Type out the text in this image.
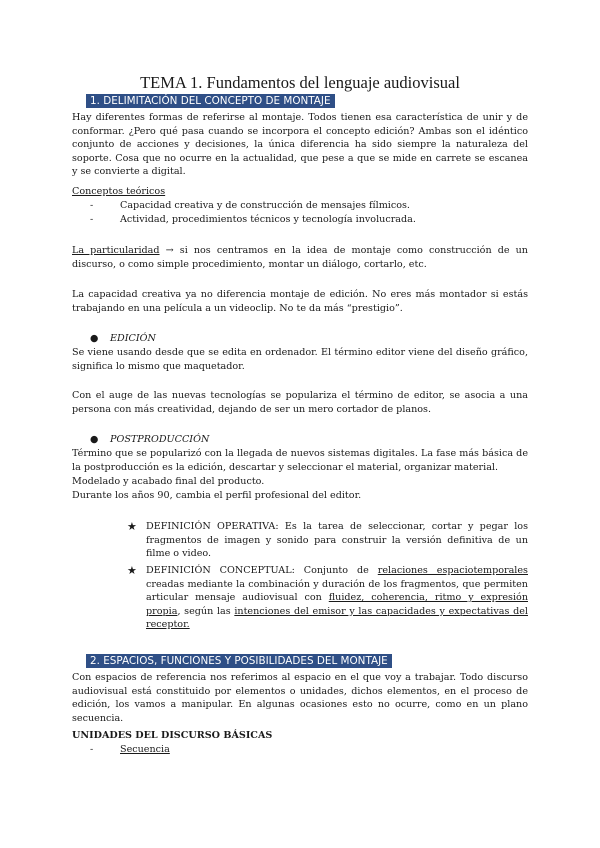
TEMA 1. Fundamentos del lenguaje audiovisual
1. DELIMITACIÓN DEL CONCEPTO DE MONTAJE

Hay diferentes formas de referirse al montaje. Todos tienen esa característica de unir y de conformar. ¿Pero qué pasa cuando se incorpora el concepto edición? Ambas son el idéntico conjunto de acciones y decisiones, la única diferencia ha sido siempre la naturaleza del soporte. Cosa que no ocurre en la actualidad, que pese a que se mide en carrete se escanea y se convierte a digital.

Conceptos teóricos
- Capacidad creativa y de construcción de mensajes fílmicos.
- Actividad, procedimientos técnicos y tecnología involucrada.

La particularidad → si nos centramos en la idea de montaje como construcción de un discurso, o como simple procedimiento, montar un diálogo, cortarlo, etc.

La capacidad creativa ya no diferencia montaje de edición. No eres más montador si estás trabajando en una película a un videoclip. No te da más “prestigio”.

● EDICIÓN

Se viene usando desde que se edita en ordenador. El término editor viene del diseño gráfico, significa lo mismo que maquetador.

Con el auge de las nuevas tecnologías se populariza el término de editor, se asocia a una persona con más creatividad, dejando de ser un mero cortador de planos.

● POSTPRODUCCIÓN

Término que se popularizó con la llegada de nuevos sistemas digitales. La fase más básica de la postproducción es la edición, descartar y seleccionar el material, organizar material.

Modelado y acabado final del producto.
Durante los años 90, cambia el perfil profesional del editor.
★ DEFINICIÓN OPERATIVA: Es la tarea de seleccionar, cortar y pegar los fragmentos de imagen y sonido para construir la versión definitiva de un filme o video.
★ DEFINICIÓN CONCEPTUAL: Conjunto de relaciones espaciotemporales creadas mediante la combinación y duración de los fragmentos, que permiten articular mensaje audiovisual con fluidez, coherencia, ritmo y expresión propia, según las intenciones del emisor y las capacidades y expectativas del receptor.
2. ESPACIOS, FUNCIONES Y POSIBILIDADES DEL MONTAJE

Con espacios de referencia nos referimos al espacio en el que voy a trabajar. Todo discurso audiovisual está constituido por elementos o unidades, dichos elementos, en el proceso de edición, los vamos a manipular. En algunas ocasiones esto no ocurre, como en un plano secuencia.

UNIDADES DEL DISCURSO BÁSICAS
- Secuencia
